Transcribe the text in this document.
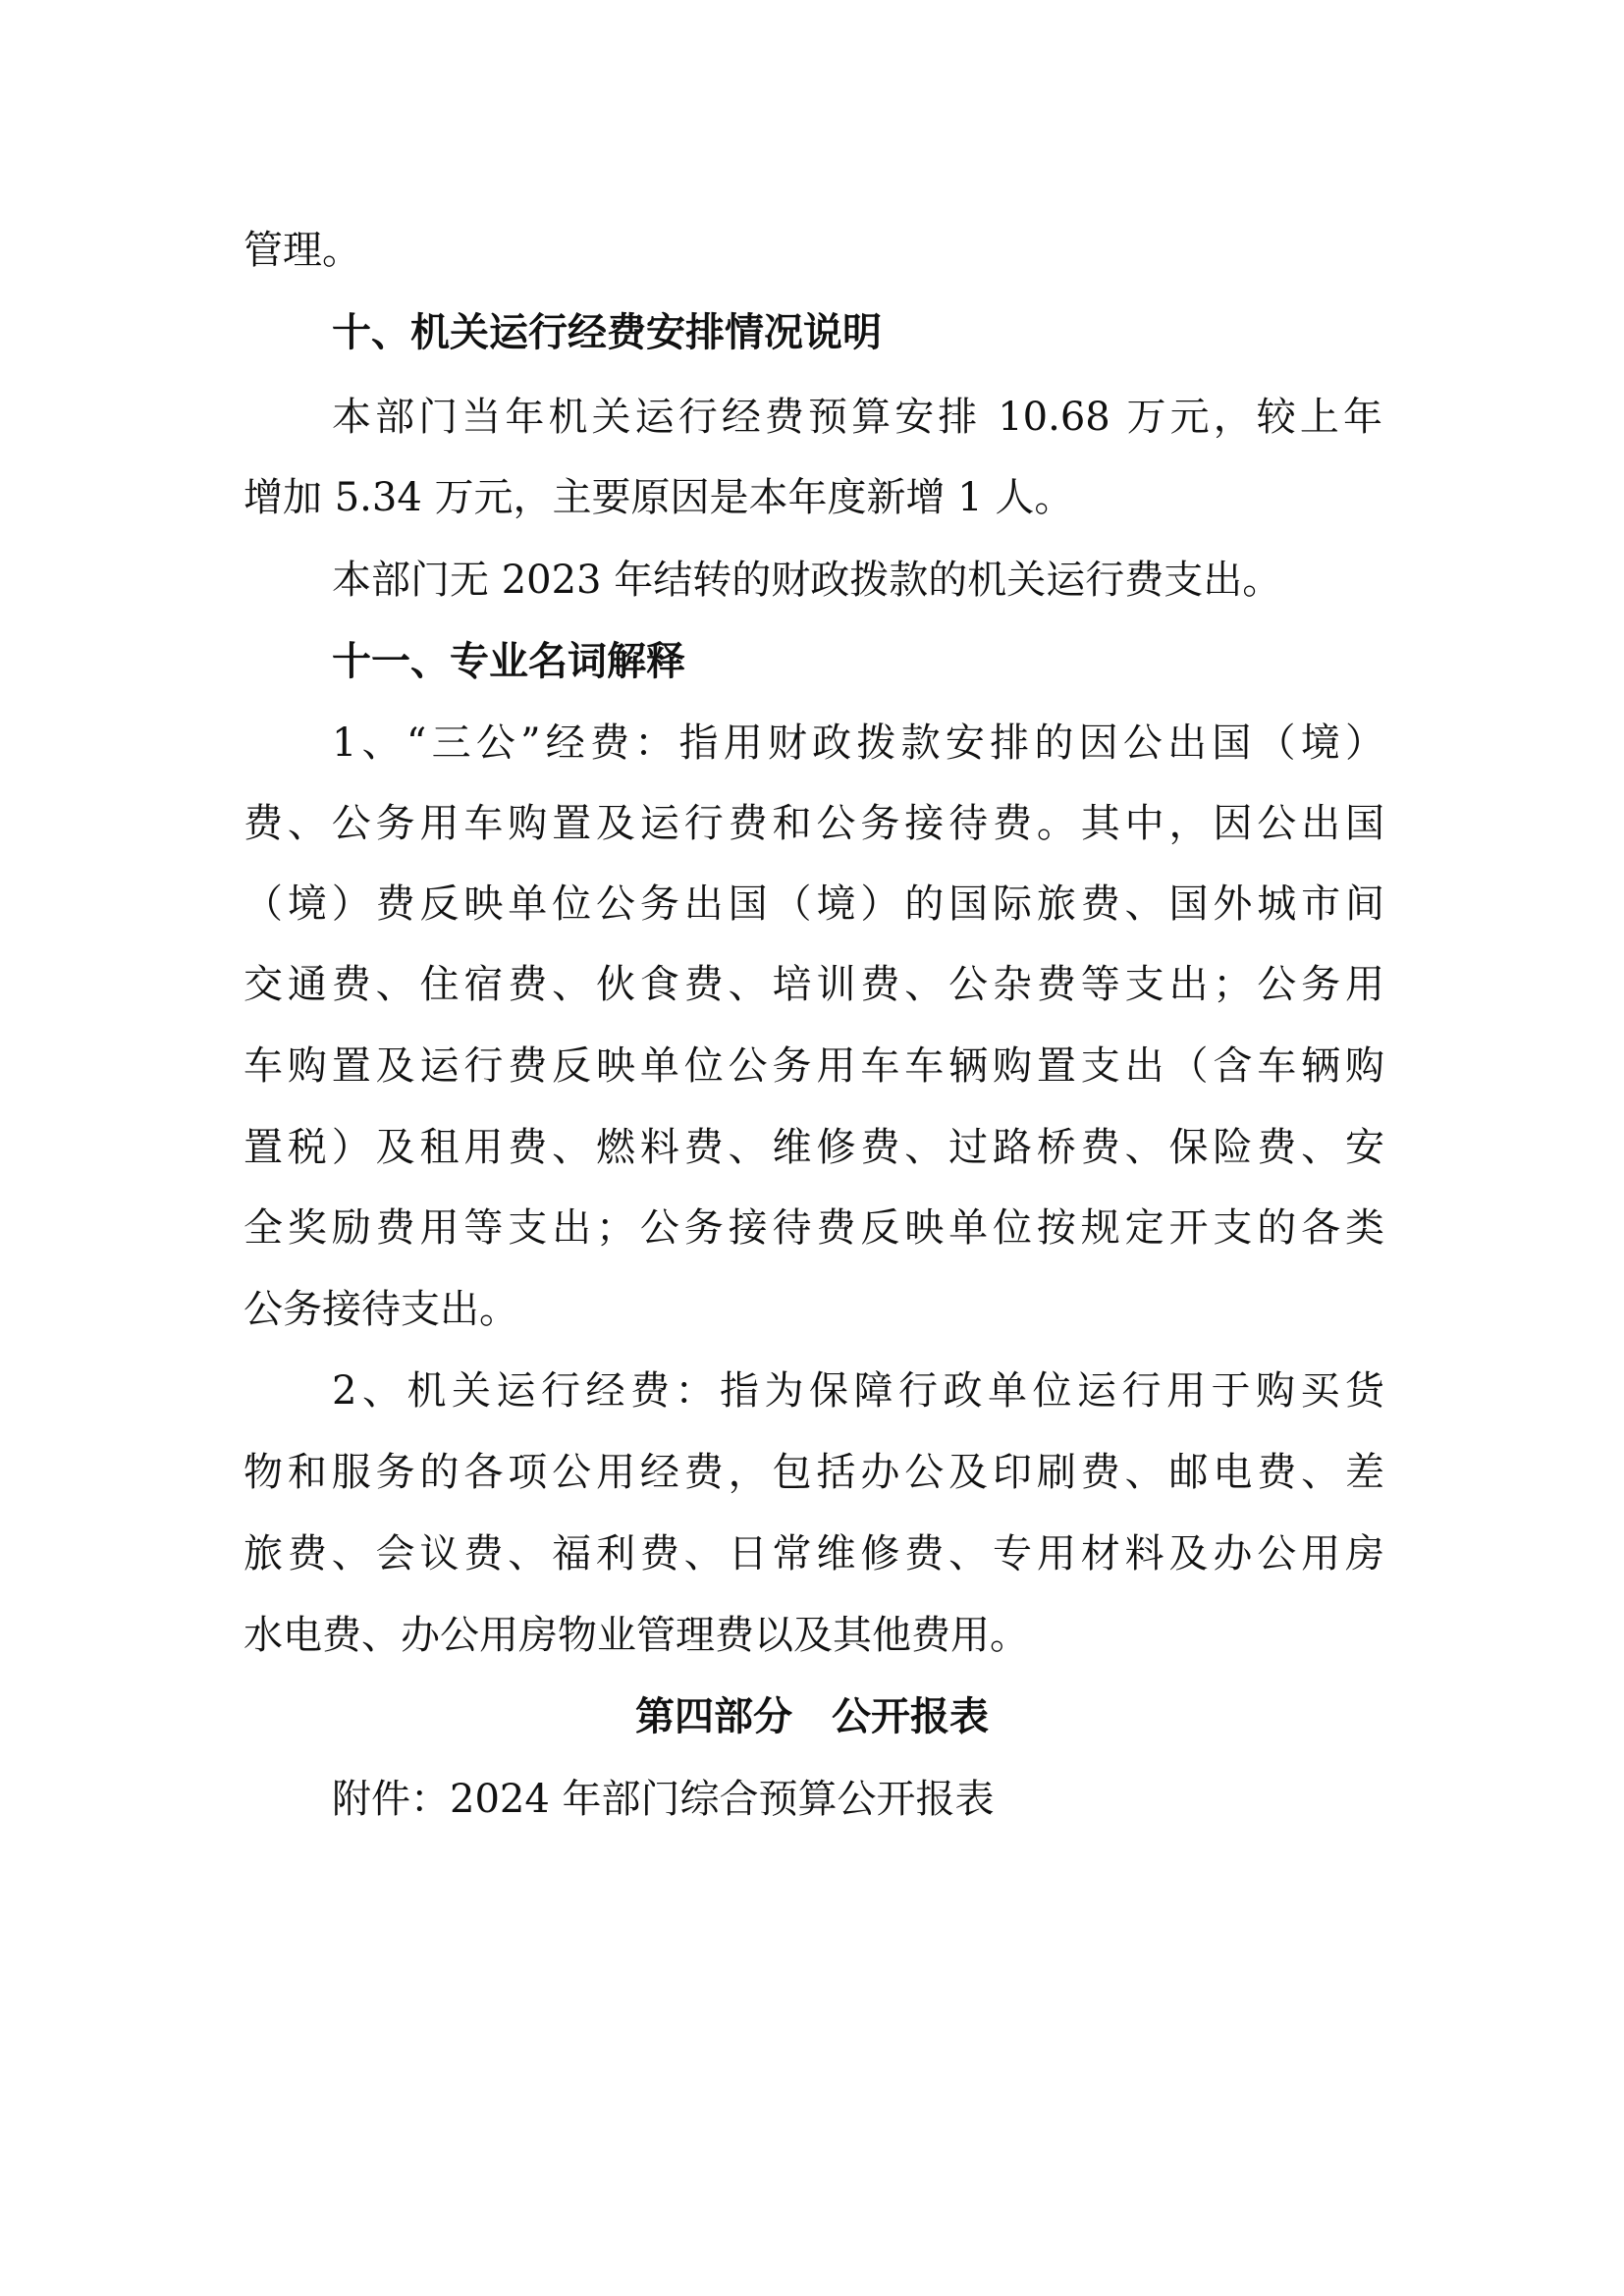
管理。
十、机关运行经费安排情况说明
本部门当年机关运行经费预算安排 10.68 万元，较上年
增加 5.34 万元，主要原因是本年度新增 1 人。
本部门无 2023 年结转的财政拨款的机关运行费支出。
十一、专业名词解释
1、“三公”经费：指用财政拨款安排的因公出国（境）
费、公务用车购置及运行费和公务接待费。其中，因公出国
（境）费反映单位公务出国（境）的国际旅费、国外城市间
交通费、住宿费、伙食费、培训费、公杂费等支出；公务用
车购置及运行费反映单位公务用车车辆购置支出（含车辆购
置税）及租用费、燃料费、维修费、过路桥费、保险费、安
全奖励费用等支出；公务接待费反映单位按规定开支的各类
公务接待支出。
2、机关运行经费：指为保障行政单位运行用于购买货
物和服务的各项公用经费，包括办公及印刷费、邮电费、差
旅费、会议费、福利费、日常维修费、专用材料及办公用房
水电费、办公用房物业管理费以及其他费用。
第四部分　公开报表
附件：2024 年部门综合预算公开报表
